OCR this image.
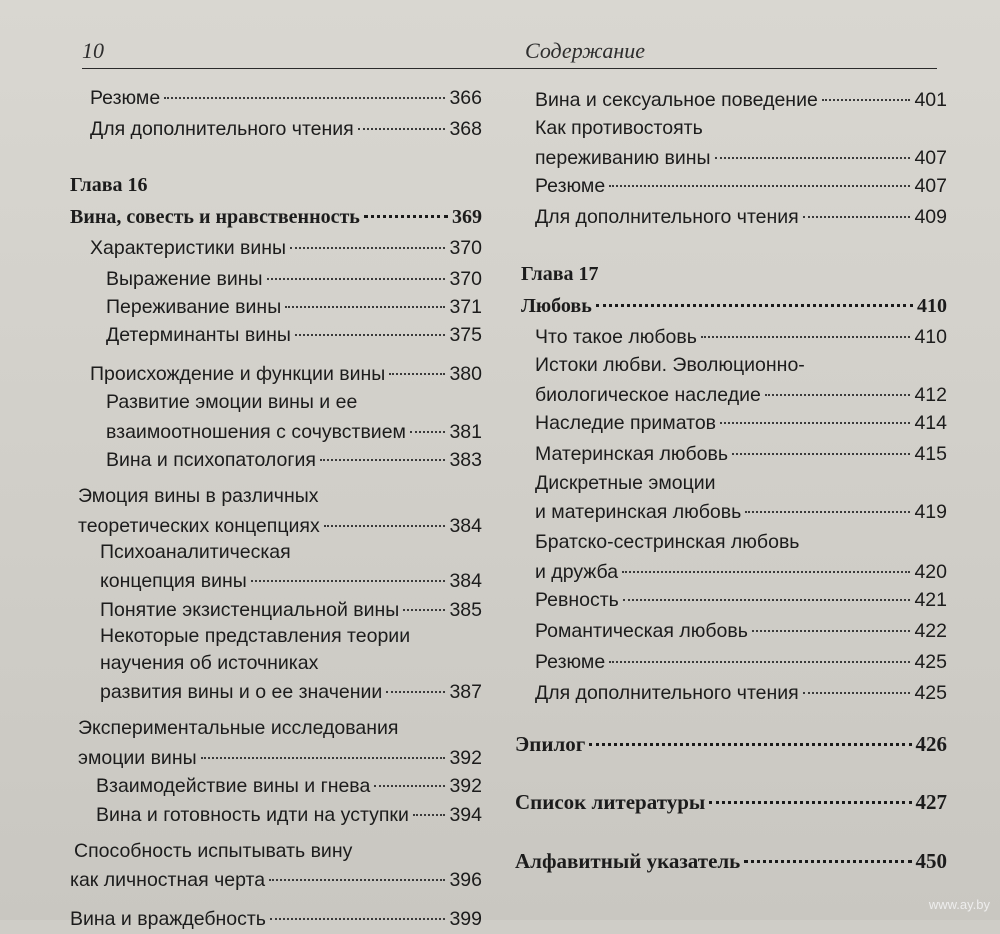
10	Содержание
Резюме	366
Для дополнительного чтения	368
Глава 16
Вина, совесть и нравственность	369
Характеристики вины	370
Выражение вины	370
Переживание вины	371
Детерминанты вины	375
Происхождение и функции вины	380
Развитие эмоции вины и ее
взаимоотношения с сочувствием 381
Вина и психопатология	383
Эмоция вины в различных
теоретических концепциях	384
Психоаналитическая
концепция вины	384
Понятие экзистенциальной вины	385
Некоторые представления теории
научения об источниках
развития вины и о ее значении	387
Экспериментальные исследования
эмоции вины	392
Взаимодействие вины и гнева	392
Вина и готовность идти на уступки 394
Способность испытывать вину
как личностная черта	396
Вина и враждебность	399
Вина и сексуальное поведение	401
Как противостоять
переживанию вины	407
Резюме	407
Для дополнительного чтения	409
Глава 17
Любовь	410
Что такое любовь	410
Истоки любви. Эволюционно-
биологическое наследие	412
Наследие приматов	414
Материнская любовь	415
Дискретные эмоции
и материнская любовь	419
Братско-сестринская любовь
и дружба	420
Ревность	421
Романтическая любовь	422
Резюме	425
Для дополнительного чтения	425
Эпилог	426
Список литературы	427
Алфавитный указатель	450
www.ay.by
